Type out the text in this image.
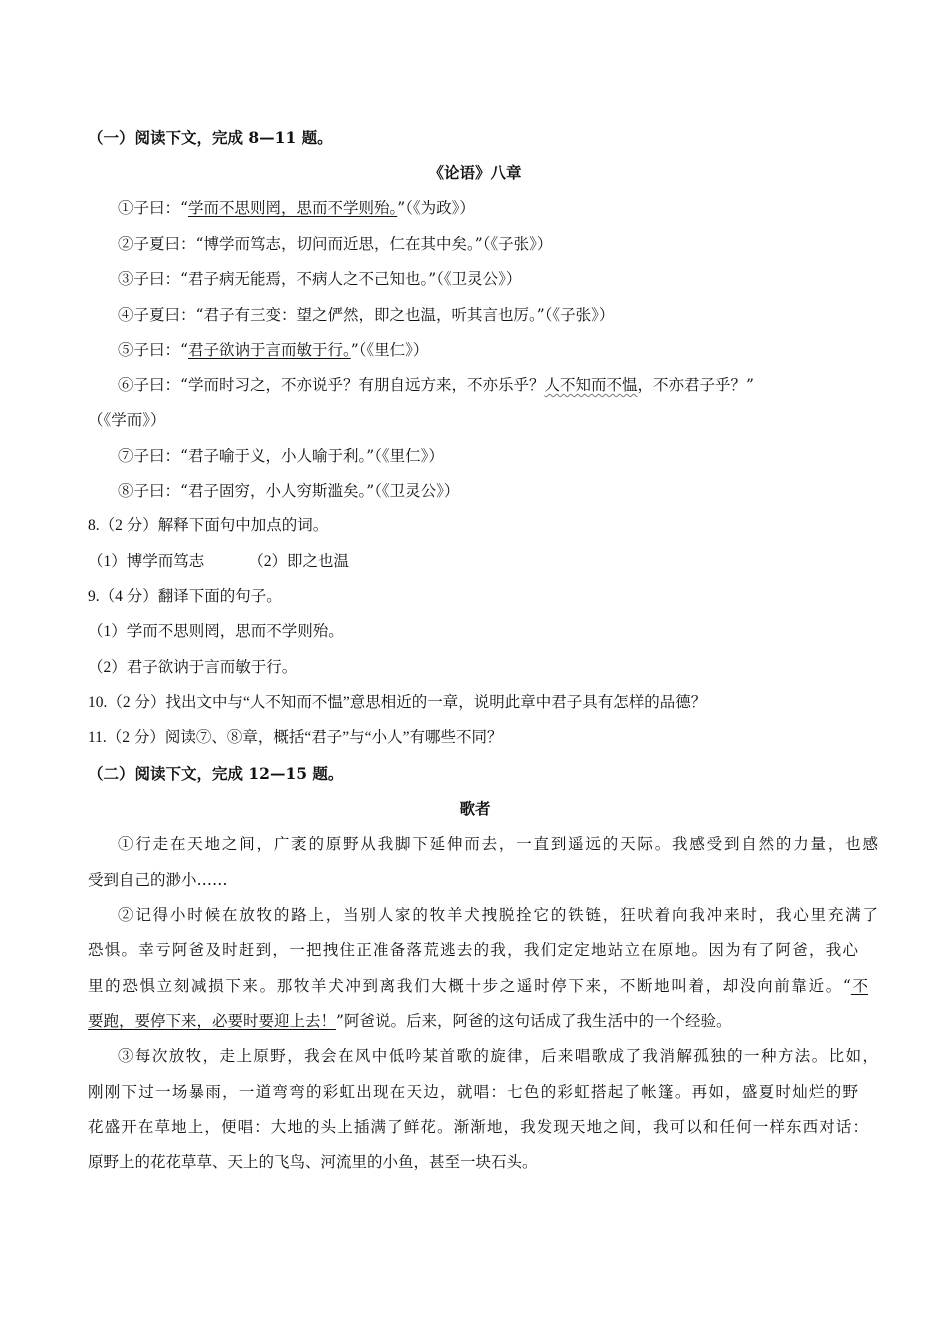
（一）阅读下文，完成 8—11 题。
《论语》八章
①子曰：“学而不思则罔，思而不学则殆。”（《为政》）
②子夏曰：“博学而笃志，切问而近思，仁在其中矣。”（《子张》）
③子曰：“君子病无能焉，不病人之不己知也。”（《卫灵公》）
④子夏曰：“君子有三变：望之俨然，即之也温，听其言也厉。”（《子张》）
⑤子曰：“君子欲讷于言而敏于行。”（《里仁》）
⑥子曰：“学而时习之，不亦说乎？有朋自远方来，不亦乐乎？人不知而不愠，不亦君子乎？”
（《学而》）
⑦子曰：“君子喻于义，小人喻于利。”（《里仁》）
⑧子曰：“君子固穷，小人穷斯滥矣。”（《卫灵公》）
8.（2 分）解释下面句中加点的词。
（1）博学而笃志	（2）即之也温
9.（4 分）翻译下面的句子。
（1）学而不思则罔，思而不学则殆。
（2）君子欲讷于言而敏于行。
10.（2 分）找出文中与“人不知而不愠”意思相近的一章，说明此章中君子具有怎样的品德？
11.（2 分）阅读⑦、⑧章，概括“君子”与“小人”有哪些不同？
（二）阅读下文，完成 12—15 题。
歌者
①行走在天地之间，广袤的原野从我脚下延伸而去，一直到遥远的天际。我感受到自然的力量，也感
受到自己的渺小……
②记得小时候在放牧的路上，当别人家的牧羊犬拽脱拴它的铁链，狂吠着向我冲来时，我心里充满了
恐惧。幸亏阿爸及时赶到，一把拽住正准备落荒逃去的我，我们定定地站立在原地。因为有了阿爸，我心
里的恐惧立刻减损下来。那牧羊犬冲到离我们大概十步之遥时停下来，不断地叫着，却没向前靠近。“不
要跑，要停下来，必要时要迎上去！”阿爸说。后来，阿爸的这句话成了我生活中的一个经验。
③每次放牧，走上原野，我会在风中低吟某首歌的旋律，后来唱歌成了我消解孤独的一种方法。比如，
刚刚下过一场暴雨，一道弯弯的彩虹出现在天边，就唱：七色的彩虹搭起了帐篷。再如，盛夏时灿烂的野
花盛开在草地上，便唱：大地的头上插满了鲜花。渐渐地，我发现天地之间，我可以和任何一样东西对话：
原野上的花花草草、天上的飞鸟、河流里的小鱼，甚至一块石头。
